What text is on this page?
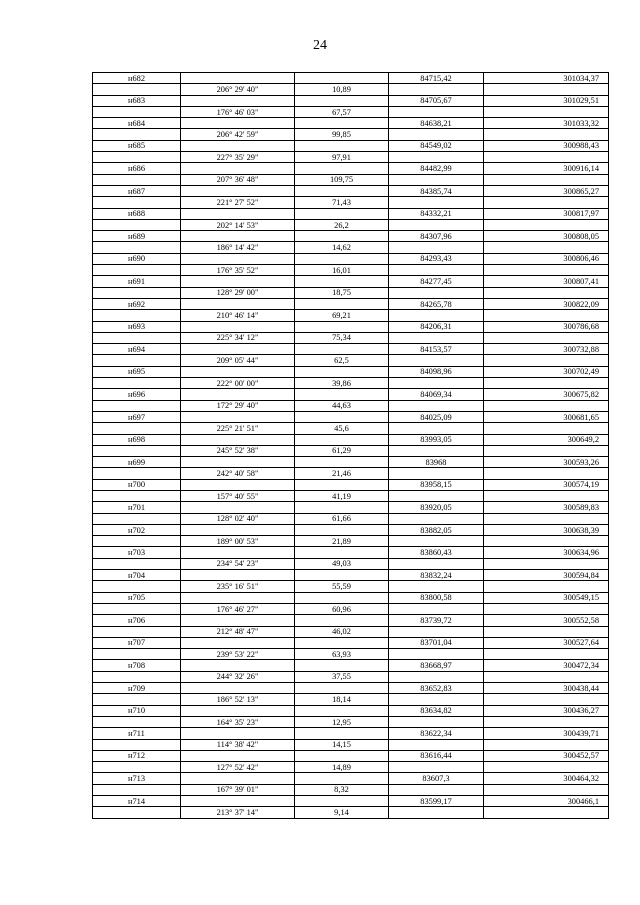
24
н682			84715,42	301034,37
	206° 29' 40"	10,89		
н683			84705,67	301029,51
	176° 46' 03"	67,57		
н684			84638,21	301033,32
	206° 42' 59"	99,85		
н685			84549,02	300988,43
	227° 35' 29"	97,91		
н686			84482,99	300916,14
	207° 36' 48"	109,75		
н687			84385,74	300865,27
	221° 27' 52"	71,43		
н688			84332,21	300817,97
	202° 14' 53"	26,2		
н689			84307,96	300808,05
	186° 14' 42"	14,62		
н690			84293,43	300806,46
	176° 35' 52"	16,01		
н691			84277,45	300807,41
	128° 29' 00"	18,75		
н692			84265,78	300822,09
	210° 46' 14"	69,21		
н693			84206,31	300786,68
	225° 34' 12"	75,34		
н694			84153,57	300732,88
	209° 05' 44"	62,5		
н695			84098,96	300702,49
	222° 00' 00"	39,86		
н696			84069,34	300675,82
	172° 29' 40"	44,63		
н697			84025,09	300681,65
	225° 21' 51"	45,6		
н698			83993,05	300649,2
	245° 52' 38"	61,29		
н699			83968	300593,26
	242° 40' 58"	21,46		
н700			83958,15	300574,19
	157° 40' 55"	41,19		
н701			83920,05	300589,83
	128° 02' 40"	61,66		
н702			83882,05	300638,39
	189° 00' 53"	21,89		
н703			83860,43	300634,96
	234° 54' 23"	49,03		
н704			83832,24	300594,84
	235° 16' 51"	55,59		
н705			83800,58	300549,15
	176° 46' 27"	60,96		
н706			83739,72	300552,58
	212° 48' 47"	46,02		
н707			83701,04	300527,64
	239° 53' 22"	63,93		
н708			83668,97	300472,34
	244° 32' 26"	37,55		
н709			83652,83	300438,44
	186° 52' 13"	18,14		
н710			83634,82	300436,27
	164° 35' 23"	12,95		
н711			83622,34	300439,71
	114° 38' 42"	14,15		
н712			83616,44	300452,57
	127° 52' 42"	14,89		
н713			83607,3	300464,32
	167° 39' 01"	8,32		
н714			83599,17	300466,1
	213° 37' 14"	9,14		
